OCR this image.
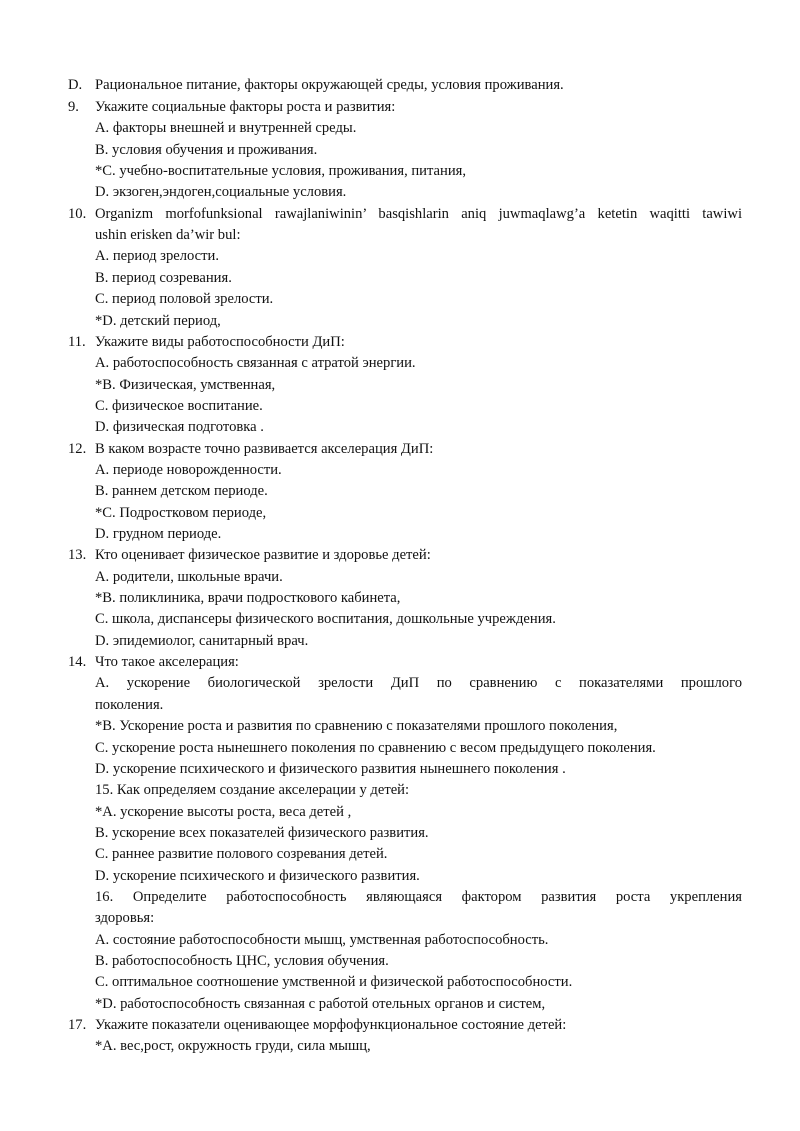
D. Рациональное питание, факторы окружающей среды, условия проживания.
9. Укажите социальные факторы роста и развития:
A. факторы внешней и внутренней среды.
B. условия обучения и проживания.
*C. учебно-воспитательные условия, проживания, питания,
D. экзоген,эндоген,социальные условия.
10. Organizm morfofunksional rawajlaniwinin’ basqishlarin aniq juwmaqlawg’a ketetin waqitti tawiwi
ushin erisken da’wir bul:
A. период зрелости.
B. период созревания.
C. период половой зрелости.
*D. детский период,
11. Укажите виды работоспособности ДиП:
A. работоспособность связанная с атратой энергии.
*B. Физическая, умственная,
C. физическое воспитание.
D. физическая подготовка .
12. В каком возрасте точно развивается акселерация ДиП:
A. периоде новорожденности.
B. раннем детском периоде.
*C. Подростковом периоде,
D. грудном периоде.
13. Кто оценивает физическое развитие и здоровье детей:
A. родители, школьные врачи.
*B. поликлиника, врачи подросткового кабинета,
C. школа, диспансеры физического воспитания, дошкольные учреждения.
D. эпидемиолог, санитарный врач.
14. Что такое акселерация:
A. ускорение биологической зрелости ДиП по сравнению с показателями прошлого
поколения.
*B. Ускорение роста и развития по сравнению с показателями прошлого поколения,
C. ускорение роста нынешнего поколения по сравнению с весом предыдущего поколения.
D. ускорение психического и физического развития нынешнего поколения .
15. Как определяем создание акселерации у детей:
*A. ускорение высоты роста, веса детей ,
B. ускорение всех показателей физического развития.
C. раннее развитие полового созревания детей.
D. ускорение психического и физического развития.
16. Определите работоспособность являющаяся фактором развития роста укрепления
здоровья:
A. состояние работоспособности мышц, умственная работоспособность.
B. работоспособность ЦНС, условия обучения.
C. оптимальное соотношение умственной и физической работоспособности.
*D. работоспособность связанная с работой отельных органов и систем,
17. Укажите показатели оценивающее морфофункциональное состояние детей:
*A. вес,рост, окружность груди, сила мышц,
